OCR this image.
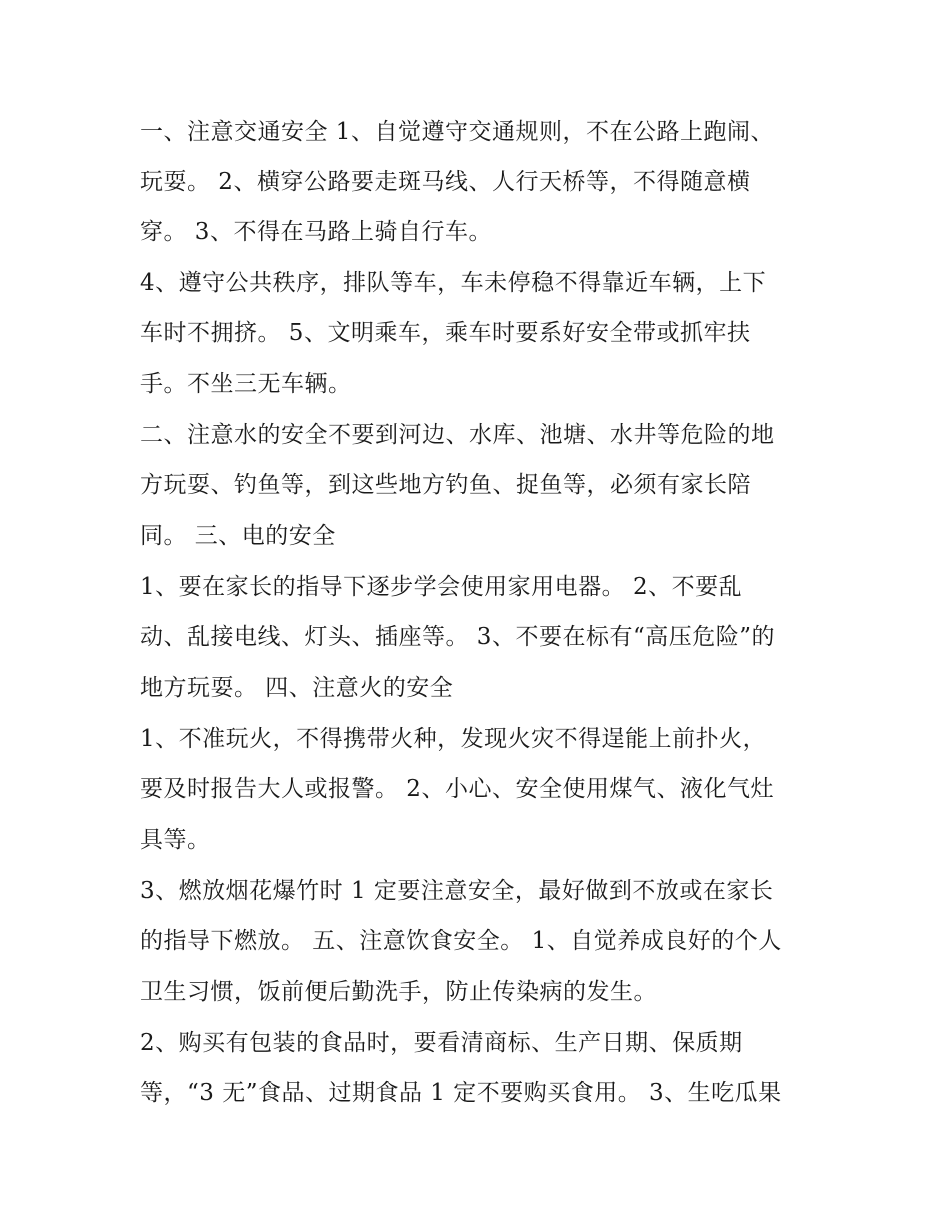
一、注意交通安全 1、自觉遵守交通规则，不在公路上跑闹、

玩耍。 2、横穿公路要走斑马线、人行天桥等，不得随意横

穿。 3、不得在马路上骑自行车。

4、遵守公共秩序，排队等车，车未停稳不得靠近车辆，上下

车时不拥挤。 5、文明乘车，乘车时要系好安全带或抓牢扶

手。不坐三无车辆。

二、注意水的安全不要到河边、水库、池塘、水井等危险的地

方玩耍、钓鱼等，到这些地方钓鱼、捉鱼等，必须有家长陪

同。 三、电的安全

1、要在家长的指导下逐步学会使用家用电器。 2、不要乱

动、乱接电线、灯头、插座等。 3、不要在标有“高压危险”的

地方玩耍。 四、注意火的安全

1、不准玩火，不得携带火种，发现火灾不得逞能上前扑火，

要及时报告大人或报警。 2、小心、安全使用煤气、液化气灶

具等。

3、燃放烟花爆竹时 1 定要注意安全，最好做到不放或在家长

的指导下燃放。 五、注意饮食安全。 1、自觉养成良好的个人

卫生习惯，饭前便后勤洗手，防止传染病的发生。

2、购买有包装的食品时，要看清商标、生产日期、保质期

等，“3 无”食品、过期食品 1 定不要购买食用。 3、生吃瓜果
